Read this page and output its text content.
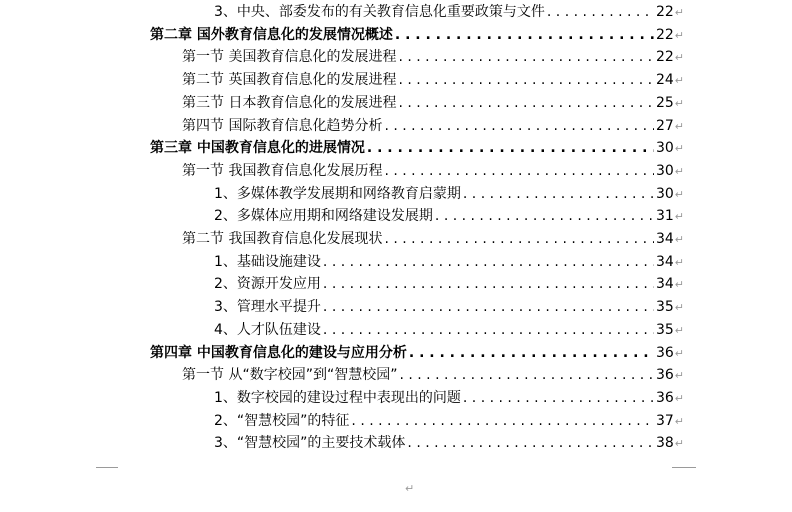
3、中央、部委发布的有关教育信息化重要政策与文件 . . .	22 ↵
第二章 国外教育信息化的发展情况概述 . . .	22 ↵
第一节 美国教育信息化的发展进程 . . .	22 ↵
第二节 英国教育信息化的发展进程 . . .	24 ↵
第三节 日本教育信息化的发展进程 . . .	25 ↵
第四节 国际教育信息化趋势分析 . . .	27 ↵
第三章 中国教育信息化的进展情况 . . .	30 ↵
第一节 我国教育信息化发展历程 . . .	30 ↵
1、多媒体教学发展期和网络教育启蒙期 . . .	30 ↵
2、多媒体应用期和网络建设发展期 . . .	31 ↵
第二节 我国教育信息化发展现状 . . .	34 ↵
1、基础设施建设 . . .	34 ↵
2、资源开发应用 . . .	34 ↵
3、管理水平提升 . . .	35 ↵
4、人才队伍建设 . . .	35 ↵
第四章 中国教育信息化的建设与应用分析 . . .	36 ↵
第一节 从“数字校园”到“智慧校园” . . .	36 ↵
1、数字校园的建设过程中表现出的问题 . . .	36 ↵
2、“智慧校园”的特征 . . .	37 ↵
3、“智慧校园”的主要技术载体 . . .	38 ↵
↵
